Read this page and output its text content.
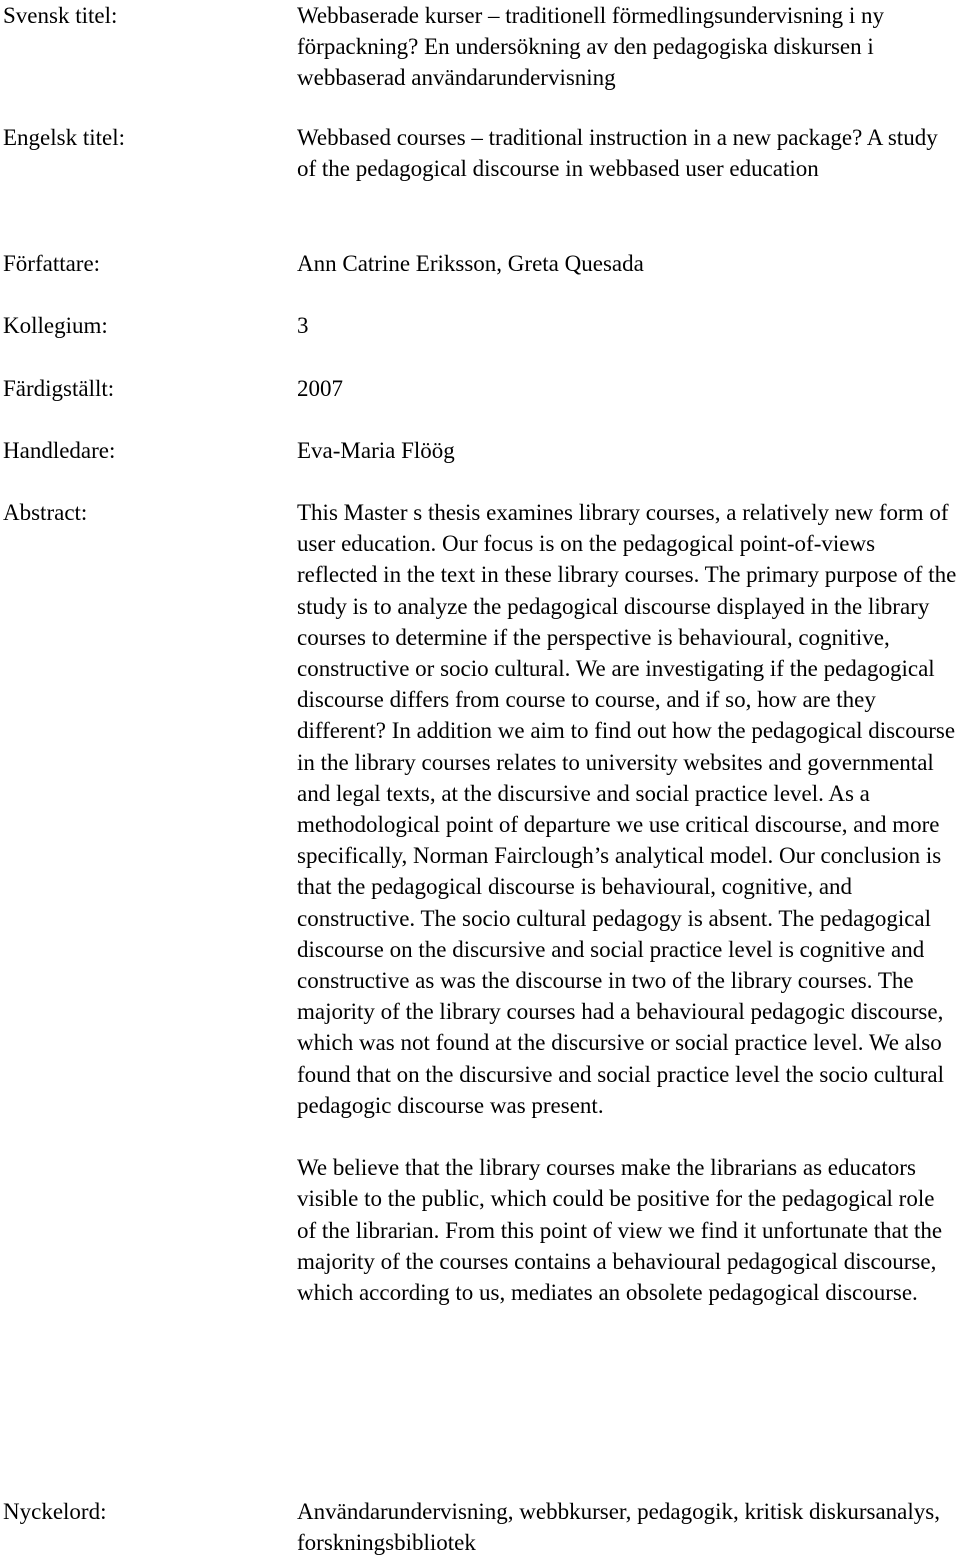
Svensk titel:	Webbaserade kurser – traditionell förmedlingsundervisning i ny förpackning? En undersökning av den pedagogiska diskursen i webbaserad användarundervisning
Engelsk titel:	Webbased courses – traditional instruction in a new package? A study of the pedagogical discourse in webbased user education
Författare:	Ann Catrine Eriksson, Greta Quesada
Kollegium:	3
Färdigställt:	2007
Handledare:	Eva-Maria Flöög
Abstract:	This Master s thesis examines library courses, a relatively new form of user education. Our focus is on the pedagogical point-of-views reflected in the text in these library courses. The primary purpose of the study is to analyze the pedagogical discourse displayed in the library courses to determine if the perspective is behavioural, cognitive, constructive or socio cultural. We are investigating if the pedagogical discourse differs from course to course, and if so, how are they different? In addition we aim to find out how the pedagogical discourse in the library courses relates to university websites and governmental and legal texts, at the discursive and social practice level. As a methodological point of departure we use critical discourse, and more specifically, Norman Fairclough’s analytical model. Our conclusion is that the pedagogical discourse is behavioural, cognitive, and constructive. The socio cultural pedagogy is absent. The pedagogical discourse on the discursive and social practice level is cognitive and constructive as was the discourse in two of the library courses. The majority of the library courses had a behavioural pedagogic discourse, which was not found at the discursive or social practice level. We also found that on the discursive and social practice level the socio cultural pedagogic discourse was present.

We believe that the library courses make the librarians as educators visible to the public, which could be positive for the pedagogical role of the librarian. From this point of view we find it unfortunate that the majority of the courses contains a behavioural pedagogical discourse, which according to us, mediates an obsolete pedagogical discourse.

Nyckelord:	Användarundervisning, webbkurser, pedagogik, kritisk diskursanalys, forskningsbibliotek
